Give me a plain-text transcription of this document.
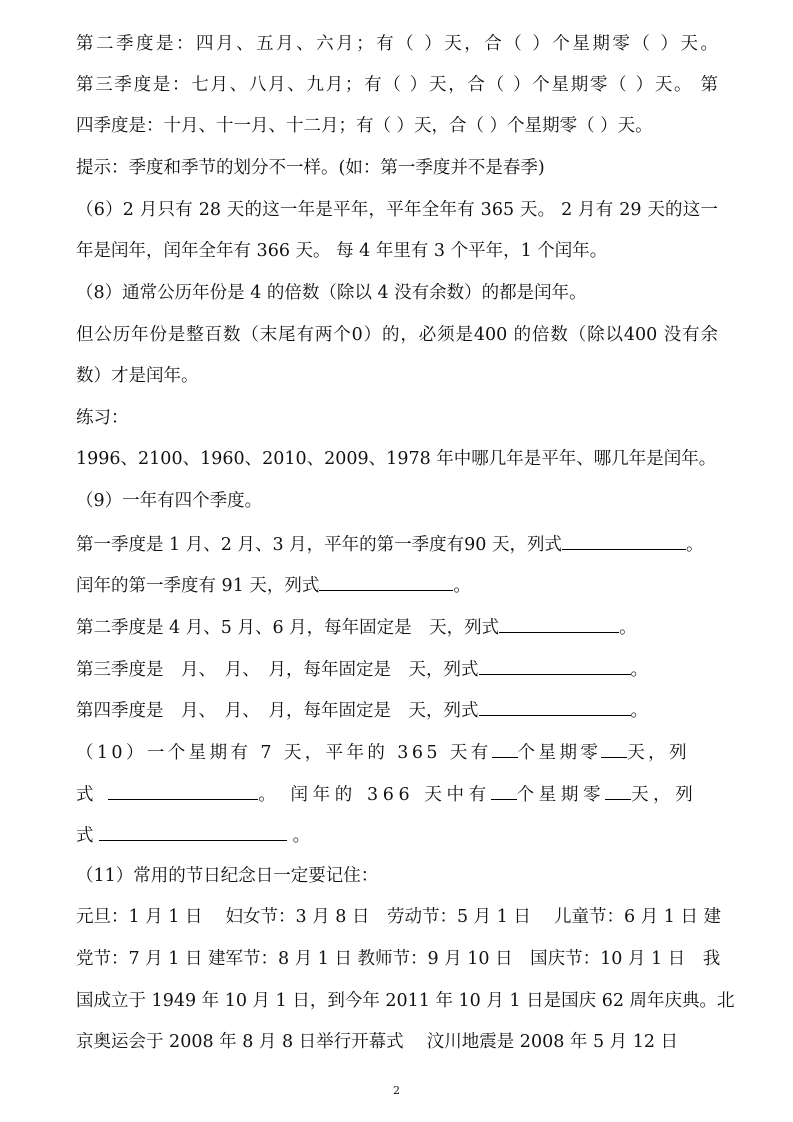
第二季度是：四月、五月、六月；有（ ）天，合（ ）个星期零（ ）天。
第三季度是：七月、八月、九月；有（ ）天，合（ ）个星期零（ ）天。 第
四季度是：十月、十一月、十二月；有（ ）天，合（ ）个星期零（ ）天。
提示：季度和季节的划分不一样。(如：第一季度并不是春季)
（6）2 月只有 28 天的这一年是平年，平年全年有 365 天。 2 月有 29 天的这一
年是闰年，闰年全年有 366 天。 每 4 年里有 3 个平年，1 个闰年。
（8）通常公历年份是 4 的倍数（除以 4 没有余数）的都是闰年。
但公历年份是整百数（末尾有两个0）的，必须是400 的倍数（除以400 没有余
数）才是闰年。
练习：
1996、2100、1960、2010、2009、1978 年中哪几年是平年、哪几年是闰年。
（9）一年有四个季度。
第一季度是 1 月、2 月、3 月，平年的第一季度有90 天，列式	。
闰年的第一季度有 91 天，列式	。
第二季度是 4 月、5 月、6 月，每年固定是　天，列式	。
第三季度是　月、　月、　月，每年固定是　天，列式	。
第四季度是　月、　月、　月，每年固定是　天，列式	。
（10）一个星期有 7 天，平年的 365 天有 个星期零 天，列
式	。 闰年的 366 天中有 个星期零 天，列
式	。
（11）常用的节日纪念日一定要记住：
元旦：1 月 1 日　 妇女节：3 月 8 日　劳动节：5 月 1 日　 儿童节：6 月 1 日 建
党节：7 月 1 日 建军节：8 月 1 日 教师节：9 月 10 日　国庆节：10 月 1 日　我
国成立于 1949 年 10 月 1 日，到今年 2011 年 10 月 1 日是国庆 62 周年庆典。北
京奥运会于 2008 年 8 月 8 日举行开幕式　 汶川地震是 2008 年 5 月 12 日
2
